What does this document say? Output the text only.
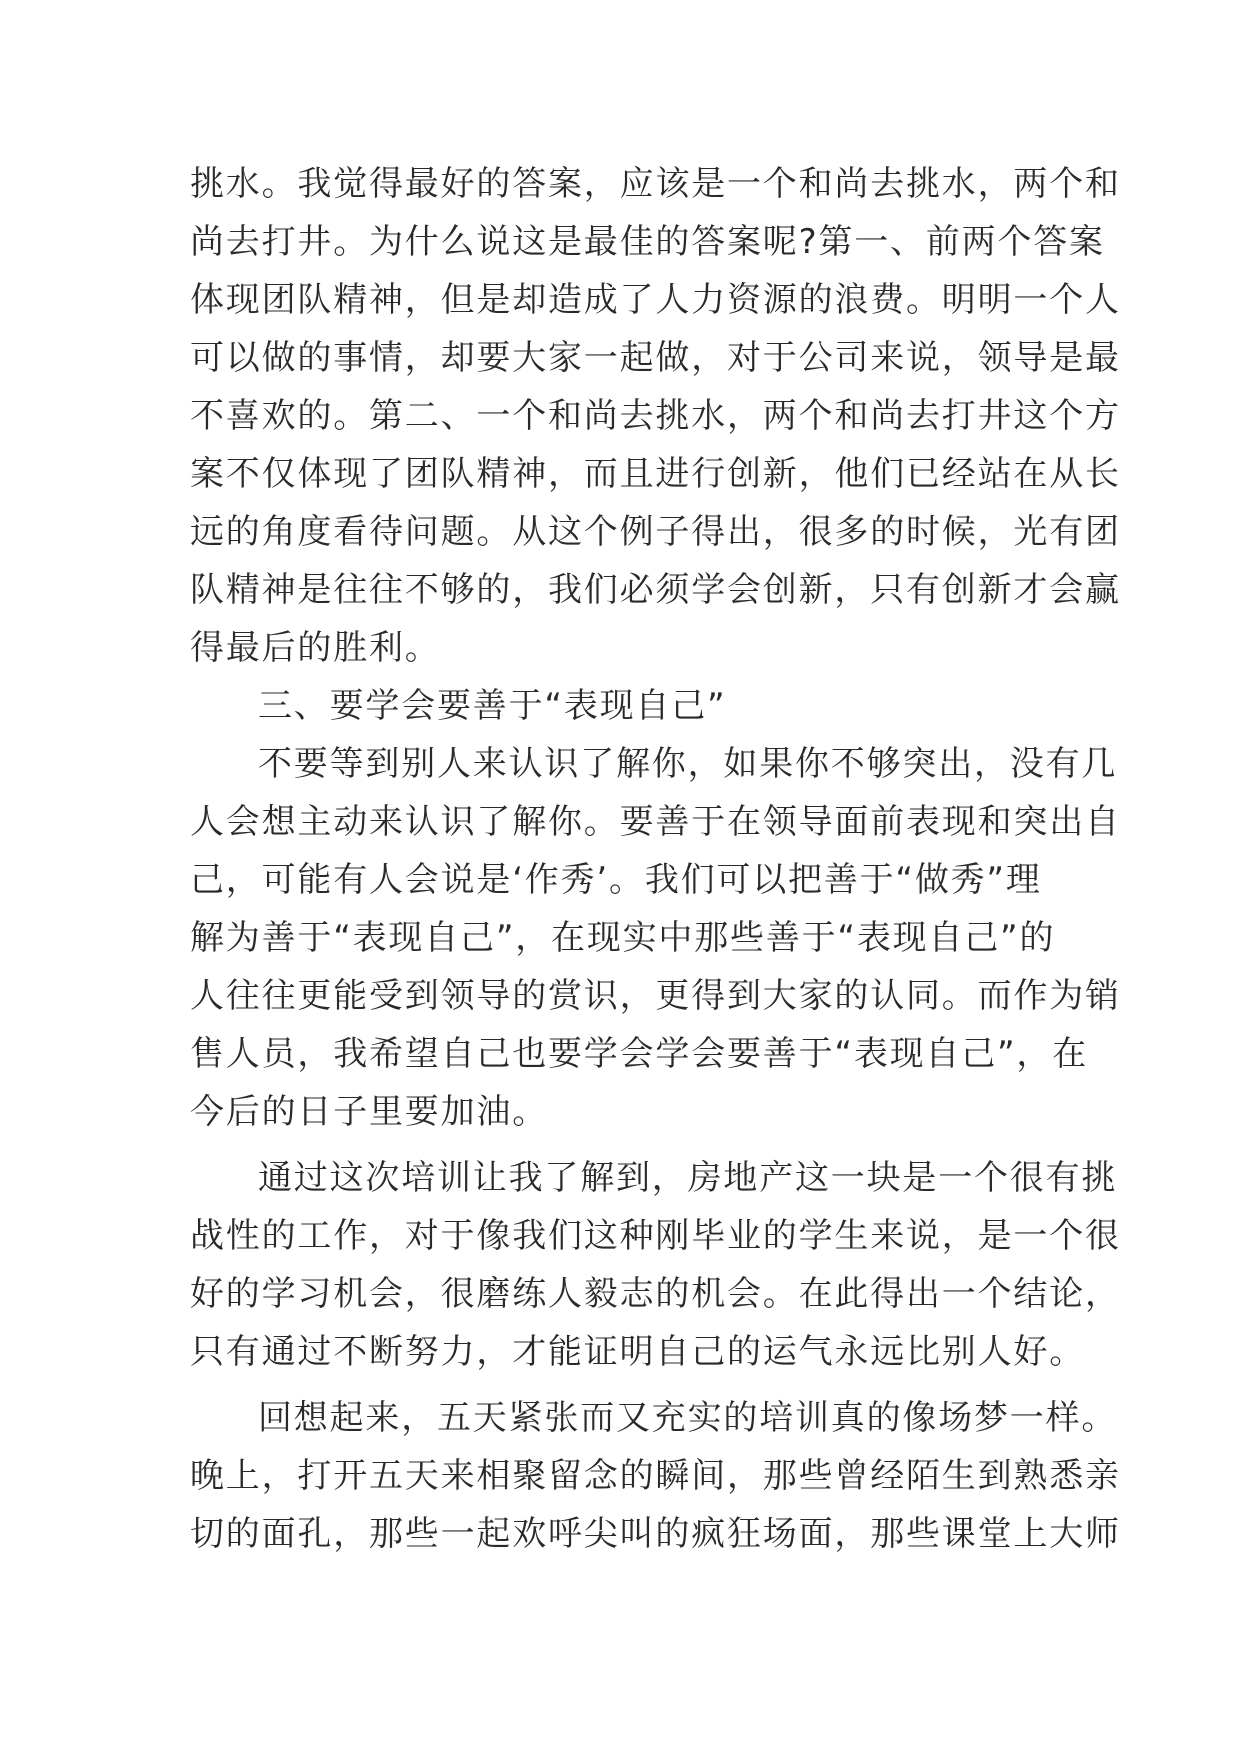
挑水。我觉得最好的答案，应该是一个和尚去挑水，两个和
尚去打井。为什么说这是最佳的答案呢?第一、前两个答案
体现团队精神，但是却造成了人力资源的浪费。明明一个人
可以做的事情，却要大家一起做，对于公司来说，领导是最
不喜欢的。第二、一个和尚去挑水，两个和尚去打井这个方
案不仅体现了团队精神，而且进行创新，他们已经站在从长
远的角度看待问题。从这个例子得出，很多的时候，光有团
队精神是往往不够的，我们必须学会创新，只有创新才会赢
得最后的胜利。
三、要学会要善于“表现自己”
不要等到别人来认识了解你，如果你不够突出，没有几
人会想主动来认识了解你。要善于在领导面前表现和突出自
己，可能有人会说是‘作秀’。我们可以把善于“做秀”理
解为善于“表现自己”，在现实中那些善于“表现自己”的
人往往更能受到领导的赏识，更得到大家的认同。而作为销
售人员，我希望自己也要学会学会要善于“表现自己”，在
今后的日子里要加油。
通过这次培训让我了解到，房地产这一块是一个很有挑
战性的工作，对于像我们这种刚毕业的学生来说，是一个很
好的学习机会，很磨练人毅志的机会。在此得出一个结论，
只有通过不断努力，才能证明自己的运气永远比别人好。
回想起来，五天紧张而又充实的培训真的像场梦一样。
晚上，打开五天来相聚留念的瞬间，那些曾经陌生到熟悉亲
切的面孔，那些一起欢呼尖叫的疯狂场面，那些课堂上大师
